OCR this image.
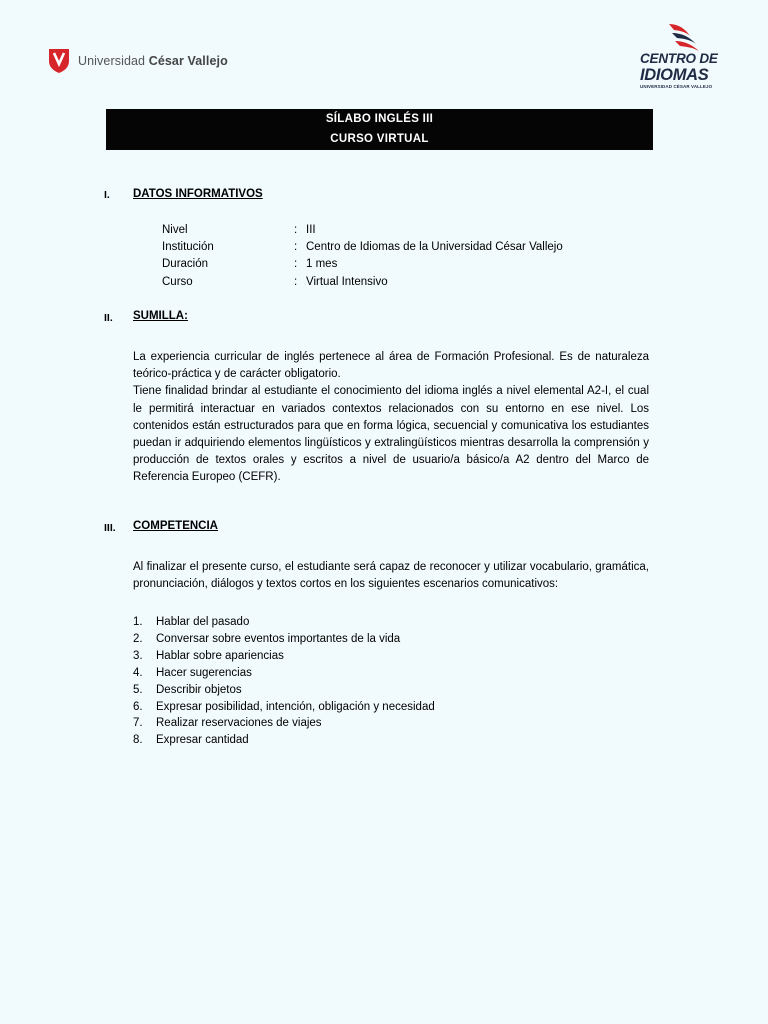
Universidad César Vallejo	CENTRO DE
IDIOMAS
UNIVERSIDAD CÉSAR VALLEJO
SÍLABO INGLÉS III
CURSO VIRTUAL
I. DATOS INFORMATIVOS
Nivel	: III
Institución	: Centro de Idiomas de la Universidad César Vallejo
Duración	: 1 mes
Curso	: Virtual Intensivo
II. SUMILLA:
La experiencia curricular de inglés pertenece al área de Formación Profesional. Es de naturaleza teórico-práctica y de carácter obligatorio.
Tiene finalidad brindar al estudiante el conocimiento del idioma inglés a nivel elemental A2-I, el cual le permitirá interactuar en variados contextos relacionados con su entorno en ese nivel. Los contenidos están estructurados para que en forma lógica, secuencial y comunicativa los estudiantes puedan ir adquiriendo elementos lingüísticos y extralingüísticos mientras desarrolla la comprensión y producción de textos orales y escritos a nivel de usuario/a básico/a A2 dentro del Marco de Referencia Europeo (CEFR).
III. COMPETENCIA
Al finalizar el presente curso, el estudiante será capaz de reconocer y utilizar vocabulario, gramática, pronunciación, diálogos y textos cortos en los siguientes escenarios comunicativos:
1.	Hablar del pasado
2.	Conversar sobre eventos importantes de la vida
3.	Hablar sobre apariencias
4.	Hacer sugerencias
5.	Describir objetos
6.	Expresar posibilidad, intención, obligación y necesidad
7.	Realizar reservaciones de viajes
8.	Expresar cantidad
